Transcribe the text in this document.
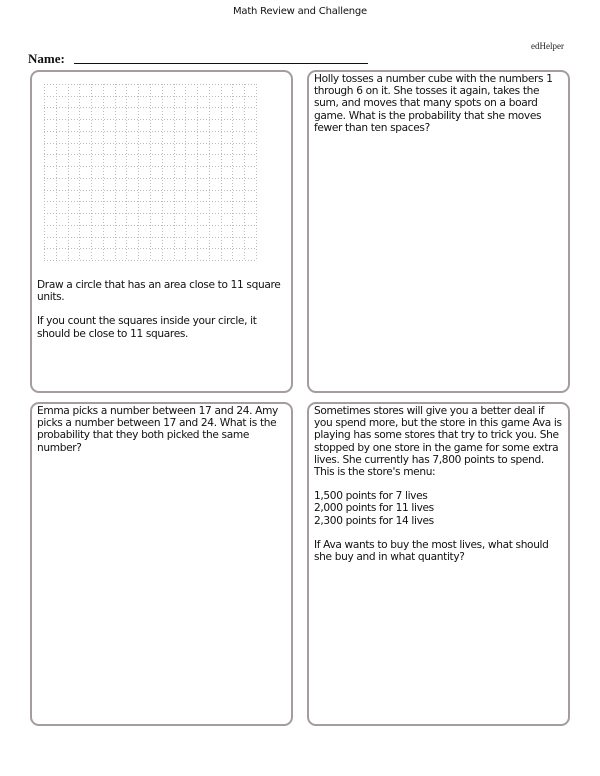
Math Review and Challenge
edHelper
Name:

Draw a circle that has an area close to 11 square units.

If you count the squares inside your circle, it should be close to 11 squares.

Holly tosses a number cube with the numbers 1 through 6 on it. She tosses it again, takes the sum, and moves that many spots on a board game. What is the probability that she moves fewer than ten spaces?

Emma picks a number between 17 and 24. Amy picks a number between 17 and 24. What is the probability that they both picked the same number?

Sometimes stores will give you a better deal if you spend more, but the store in this game Ava is playing has some stores that try to trick you. She stopped by one store in the game for some extra lives. She currently has 7,800 points to spend. This is the store's menu:

1,500 points for 7 lives
2,000 points for 11 lives
2,300 points for 14 lives

If Ava wants to buy the most lives, what should she buy and in what quantity?
